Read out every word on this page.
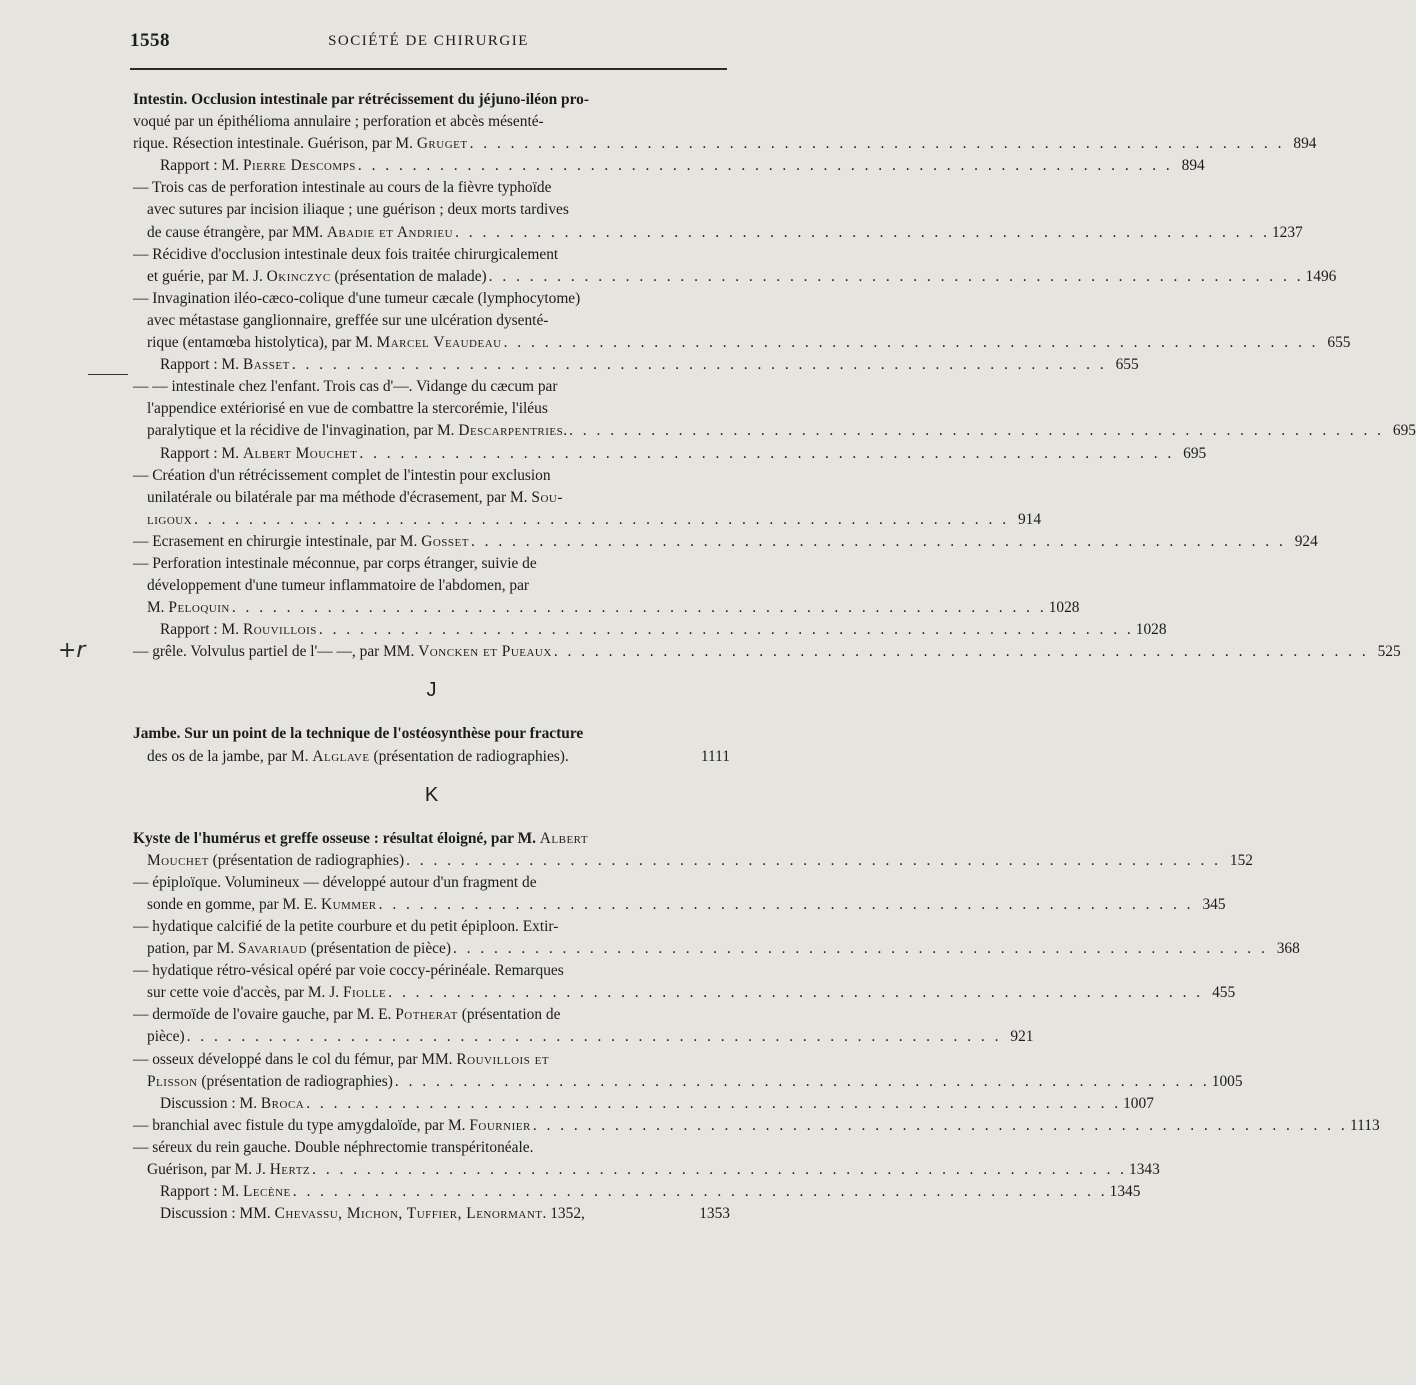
1558	SOCIÉTÉ DE CHIRURGIE
+r
Intestin. Occlusion intestinale par rétrécissement du jéjuno-iléon pro-
voqué par un épithélioma annulaire ; perforation et abcès mésenté-
rique. Résection intestinale. Guérison, par M. Gruget . . . . . . . . . . . . . . . . . . . . . . . . . . . . . . . . . . . . . . . . . . . . . . . . . . . . . . . . . . . . 894
Rapport : M. Pierre Descomps . . . . . . . . . . . . . . . . . . . . . . . . . . . . . . . . . . . . . . . . . . . . . . . . . . . . . . . . . . . . 894
— Trois cas de perforation intestinale au cours de la fièvre typhoïde
avec sutures par incision iliaque ; une guérison ; deux morts tardives
de cause étrangère, par MM. Abadie et Andrieu . . . . . . . . . . . . . . . . . . . . . . . . . . . . . . . . . . . . . . . . . . . . . . . . . . . . . . . . . . . . 1237
— Récidive d'occlusion intestinale deux fois traitée chirurgicalement
et guérie, par M. J. Okinczyc (présentation de malade) . . . . . . . . . . . . . . . . . . . . . . . . . . . . . . . . . . . . . . . . . . . . . . . . . . . . . . . . . . . . 1496
— Invagination iléo-cæco-colique d'une tumeur cæcale (lymphocytome)
avec métastase ganglionnaire, greffée sur une ulcération dysenté-
rique (entamœba histolytica), par M. Marcel Veaudeau . . . . . . . . . . . . . . . . . . . . . . . . . . . . . . . . . . . . . . . . . . . . . . . . . . . . . . . . . . . . 655
Rapport : M. Basset . . . . . . . . . . . . . . . . . . . . . . . . . . . . . . . . . . . . . . . . . . . . . . . . . . . . . . . . . . . . 655
— — intestinale chez l'enfant. Trois cas d'—. Vidange du cæcum par
l'appendice extériorisé en vue de combattre la stercorémie, l'iléus
paralytique et la récidive de l'invagination, par M. Descarpentries. . . . . . . . . . . . . . . . . . . . . . . . . . . . . . . . . . . . . . . . . . . . . . . . . . . . . . . . . . . . . 695
Rapport : M. Albert Mouchet . . . . . . . . . . . . . . . . . . . . . . . . . . . . . . . . . . . . . . . . . . . . . . . . . . . . . . . . . . . . 695
— Création d'un rétrécissement complet de l'intestin pour exclusion
unilatérale ou bilatérale par ma méthode d'écrasement, par M. Sou-
ligoux . . . . . . . . . . . . . . . . . . . . . . . . . . . . . . . . . . . . . . . . . . . . . . . . . . . . . . . . . . . . 914
— Ecrasement en chirurgie intestinale, par M. Gosset . . . . . . . . . . . . . . . . . . . . . . . . . . . . . . . . . . . . . . . . . . . . . . . . . . . . . . . . . . . . 924
— Perforation intestinale méconnue, par corps étranger, suivie de
développement d'une tumeur inflammatoire de l'abdomen, par
M. Peloquin . . . . . . . . . . . . . . . . . . . . . . . . . . . . . . . . . . . . . . . . . . . . . . . . . . . . . . . . . . . . 1028
Rapport : M. Rouvillois . . . . . . . . . . . . . . . . . . . . . . . . . . . . . . . . . . . . . . . . . . . . . . . . . . . . . . . . . . . . 1028
— grêle. Volvulus partiel de l'— —, par MM. Voncken et Pueaux . . . . . . . . . . . . . . . . . . . . . . . . . . . . . . . . . . . . . . . . . . . . . . . . . . . . . . . . . . . . 525
J
Jambe. Sur un point de la technique de l'ostéosynthèse pour fracture
des os de la jambe, par M. Alglave (présentation de radiographies).	1111
K
Kyste de l'humérus et greffe osseuse : résultat éloigné, par M. Albert
Mouchet (présentation de radiographies) . . . . . . . . . . . . . . . . . . . . . . . . . . . . . . . . . . . . . . . . . . . . . . . . . . . . . . . . . . . . 152
— épiploïque. Volumineux — développé autour d'un fragment de
sonde en gomme, par M. E. Kummer . . . . . . . . . . . . . . . . . . . . . . . . . . . . . . . . . . . . . . . . . . . . . . . . . . . . . . . . . . . . 345
— hydatique calcifié de la petite courbure et du petit épiploon. Extir-
pation, par M. Savariaud (présentation de pièce) . . . . . . . . . . . . . . . . . . . . . . . . . . . . . . . . . . . . . . . . . . . . . . . . . . . . . . . . . . . . 368
— hydatique rétro-vésical opéré par voie coccy-périnéale. Remarques
sur cette voie d'accès, par M. J. Fiolle . . . . . . . . . . . . . . . . . . . . . . . . . . . . . . . . . . . . . . . . . . . . . . . . . . . . . . . . . . . . 455
— dermoïde de l'ovaire gauche, par M. E. Potherat (présentation de
pièce) . . . . . . . . . . . . . . . . . . . . . . . . . . . . . . . . . . . . . . . . . . . . . . . . . . . . . . . . . . . . 921
— osseux développé dans le col du fémur, par MM. Rouvillois et
Plisson (présentation de radiographies) . . . . . . . . . . . . . . . . . . . . . . . . . . . . . . . . . . . . . . . . . . . . . . . . . . . . . . . . . . . . 1005
Discussion : M. Broca . . . . . . . . . . . . . . . . . . . . . . . . . . . . . . . . . . . . . . . . . . . . . . . . . . . . . . . . . . . . 1007
— branchial avec fistule du type amygdaloïde, par M. Fournier . . . . . . . . . . . . . . . . . . . . . . . . . . . . . . . . . . . . . . . . . . . . . . . . . . . . . . . . . . . . 1113
— séreux du rein gauche. Double néphrectomie transpéritonéale.
Guérison, par M. J. Hertz . . . . . . . . . . . . . . . . . . . . . . . . . . . . . . . . . . . . . . . . . . . . . . . . . . . . . . . . . . . . 1343
Rapport : M. Lecène . . . . . . . . . . . . . . . . . . . . . . . . . . . . . . . . . . . . . . . . . . . . . . . . . . . . . . . . . . . . 1345
Discussion : MM. Chevassu, Michon, Tuffier, Lenormant. 1352,	1353
